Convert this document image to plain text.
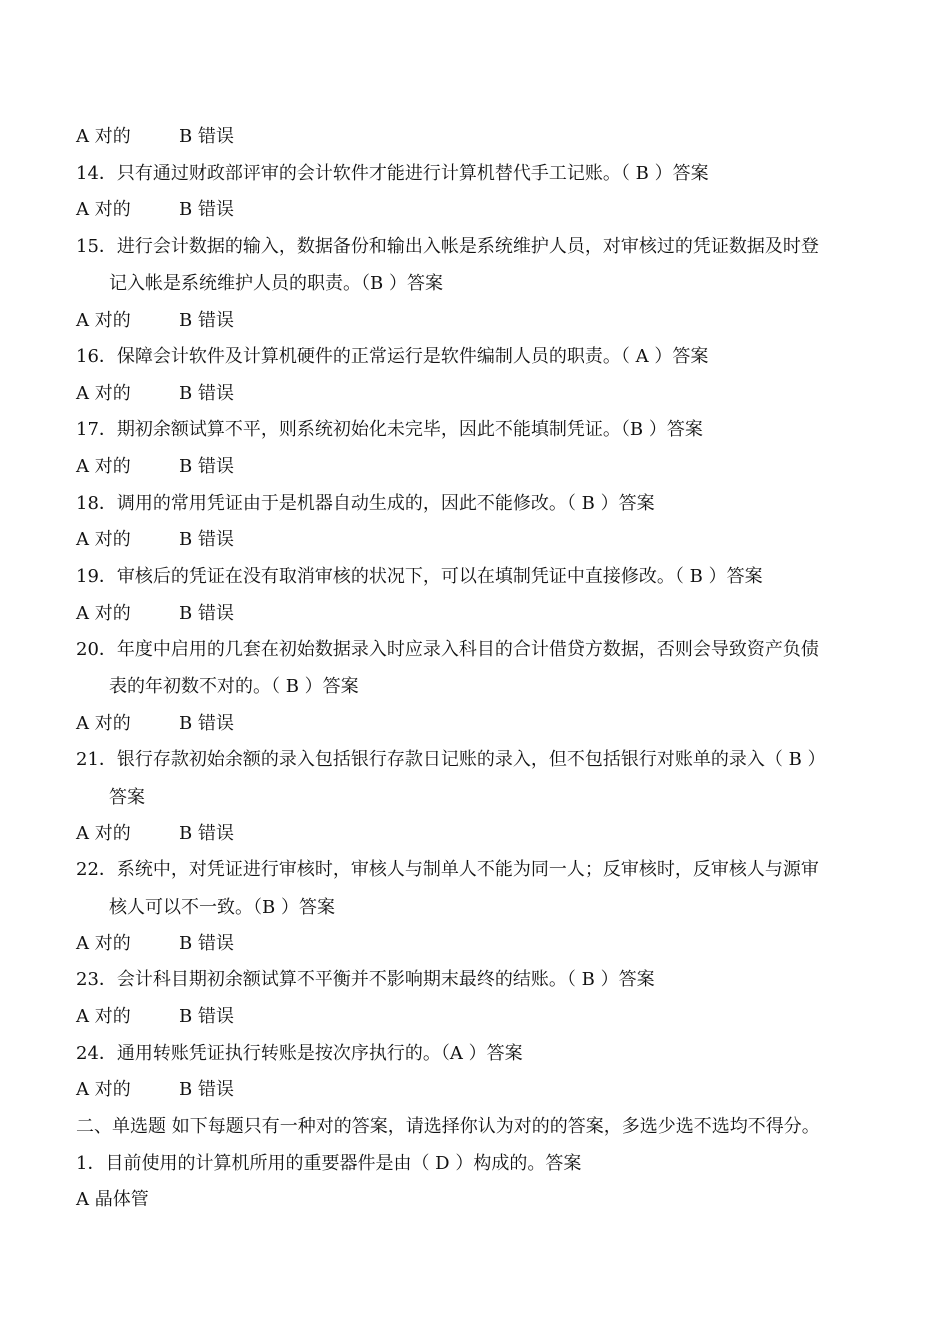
A 对的	B 错误
14．只有通过财政部评审的会计软件才能进行计算机替代手工记账。（ B ）答案
A 对的	B 错误
15．进行会计数据的输入，数据备份和输出入帐是系统维护人员，对审核过的凭证数据及时登
记入帐是系统维护人员的职责。（B ）答案
A 对的	B 错误
16．保障会计软件及计算机硬件的正常运行是软件编制人员的职责。（ A ）答案
A 对的	B 错误
17．期初余额试算不平，则系统初始化未完毕，因此不能填制凭证。（B ）答案
A 对的	B 错误
18．调用的常用凭证由于是机器自动生成的，因此不能修改。（ B ）答案
A 对的	B 错误
19．审核后的凭证在没有取消审核的状况下，可以在填制凭证中直接修改。（ B ）答案
A 对的	B 错误
20．年度中启用的几套在初始数据录入时应录入科目的合计借贷方数据，否则会导致资产负债
表的年初数不对的。（ B ）答案
A 对的	B 错误
21．银行存款初始余额的录入包括银行存款日记账的录入，但不包括银行对账单的录入（ B ）
答案
A 对的	B 错误
22．系统中，对凭证进行审核时，审核人与制单人不能为同一人；反审核时，反审核人与源审
核人可以不一致。（B ）答案
A 对的	B 错误
23．会计科目期初余额试算不平衡并不影响期末最终的结账。（ B ）答案
A 对的	B 错误
24．通用转账凭证执行转账是按次序执行的。（A ）答案
A 对的	B 错误
二、单选题 如下每题只有一种对的答案，请选择你认为对的的答案，多选少选不选均不得分。
1．目前使用的计算机所用的重要器件是由（ D ）构成的。答案
A 晶体管
